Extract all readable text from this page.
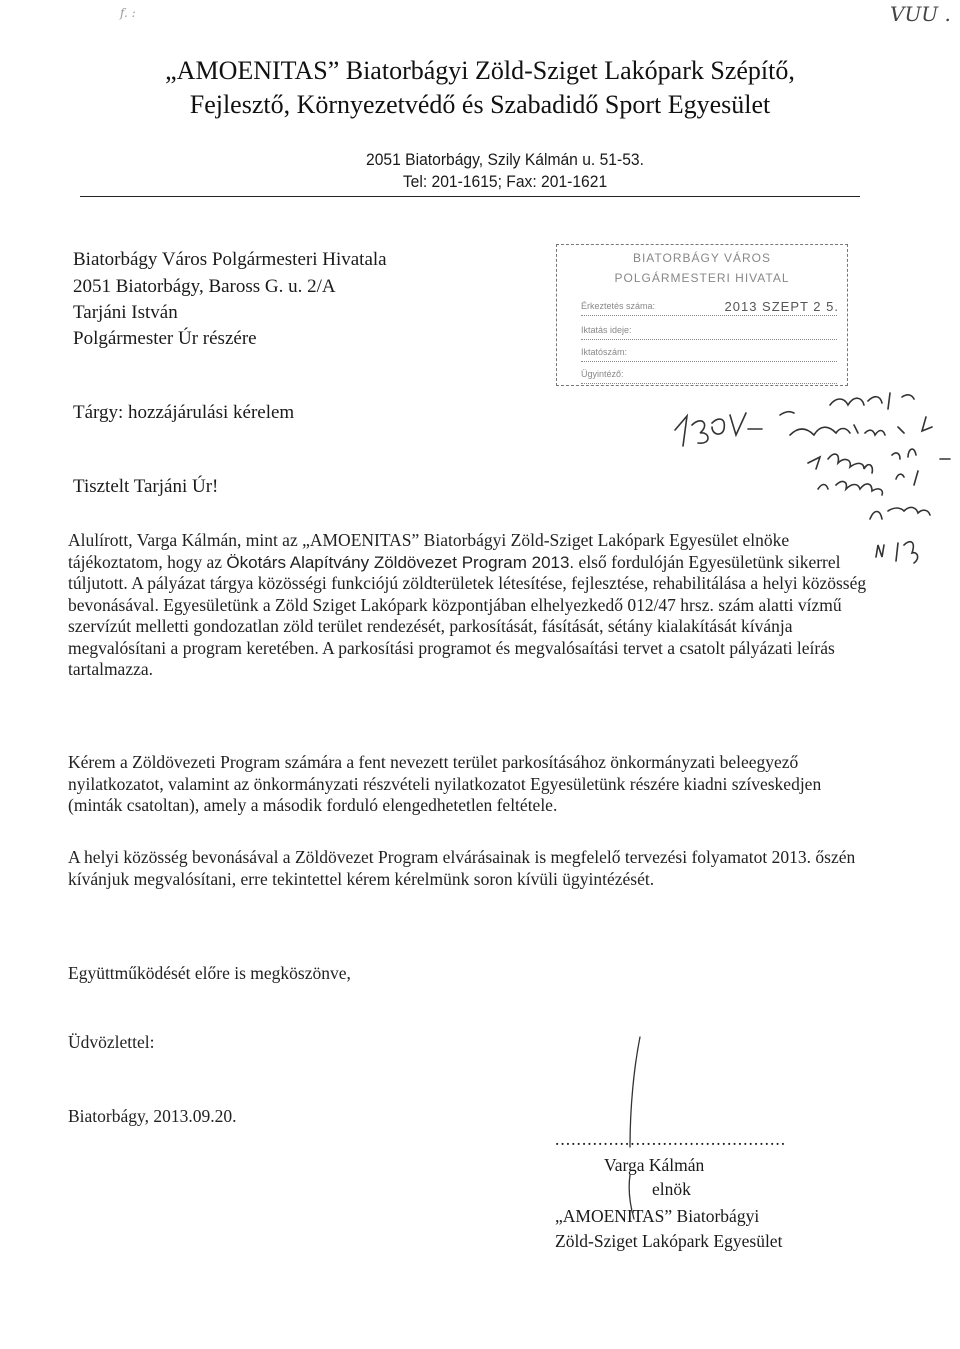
f. :	VUU .
„AMOENITAS” Biatorbágyi Zöld-Sziget Lakópark Szépítő,
Fejlesztő, Környezetvédő és Szabadidő Sport Egyesület
2051 Biatorbágy, Szily Kálmán u. 51-53.
Tel: 201-1615; Fax: 201-1621
Biatorbágy Város Polgármesteri Hivatala
2051 Biatorbágy, Baross G. u. 2/A
Tarjáni István
Polgármester Úr részére
BIATORBÁGY VÁROS
POLGÁRMESTERI HIVATAL
Érkeztetés száma:	2013 SZEPT 2 5.
Iktatás ideje:
Iktatószám:
Ügyintéző:
Tárgy: hozzájárulási kérelem
Tisztelt Tarjáni Úr!

Alulírott, Varga Kálmán, mint az „AMOENITAS” Biatorbágyi Zöld-Sziget Lakópark Egyesület elnöke tájékoztatom, hogy az Ökotárs Alapítvány Zöldövezet Program 2013. első fordulóján Egyesületünk sikerrel túljutott. A pályázat tárgya közösségi funkciójú zöldterületek létesítése, fejlesztése, rehabilitálása a helyi közösség bevonásával. Egyesületünk a Zöld Sziget Lakópark központjában elhelyezkedő 012/47 hrsz. szám alatti vízmű szervízút melletti gondozatlan zöld terület rendezését, parkosítását, fásítását, sétány kialakítását kívánja megvalósítani a program keretében. A parkosítási programot és megvalósaítási tervet a csatolt pályázati leírás tartalmazza.

Kérem a Zöldövezeti Program számára a fent nevezett terület parkosításához önkormányzati beleegyező nyilatkozatot, valamint az önkormányzati részvételi nyilatkozatot Egyesületünk részére kiadni szíveskedjen (minták csatoltan), amely a második forduló elengedhetetlen feltétele.

A helyi közösség bevonásával a Zöldövezet Program elvárásainak is megfelelő tervezési folyamatot 2013. őszén kívánjuk megvalósítani, erre tekintettel kérem kérelmünk soron kívüli ügyintézését.

Együttműködését előre is megköszönve,
Üdvözlettel:
Biatorbágy, 2013.09.20.
...........................................
Varga Kálmán
elnök
„AMOENITAS” Biatorbágyi
Zöld-Sziget Lakópark Egyesület
